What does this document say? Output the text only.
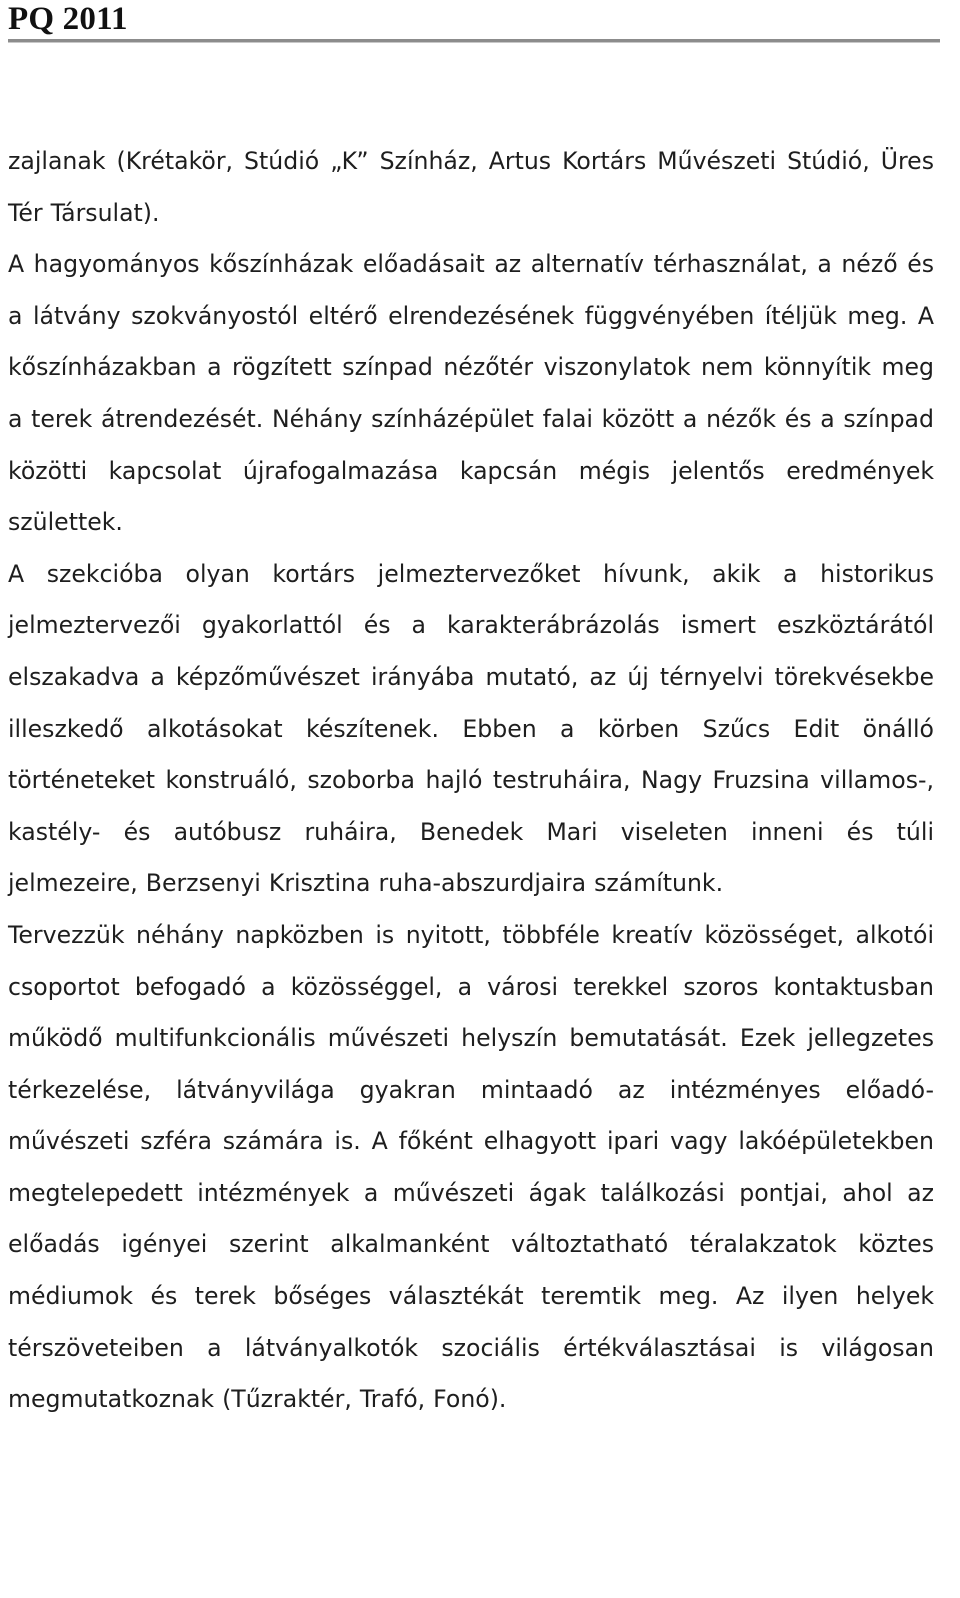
PQ 2011

zajlanak (Krétakör, Stúdió „K” Színház, Artus Kortárs Művészeti Stúdió, Üres Tér Társulat).

A hagyományos kőszínházak előadásait az alternatív térhasználat, a néző és a látvány szokványostól eltérő elrendezésének függvényében ítéljük meg. A kőszínházakban a rögzített színpad nézőtér viszonylatok nem könnyítik meg a terek átrendezését. Néhány színházépület falai között a nézők és a színpad közötti kapcsolat újrafogalmazása kapcsán mégis jelentős eredmények születtek.

A szekcióba olyan kortárs jelmeztervezőket hívunk, akik a historikus jelmeztervezői gyakorlattól és a karakterábrázolás ismert eszköztárától elszakadva a képzőművészet irányába mutató, az új térnyelvi törekvésekbe illeszkedő alkotásokat készítenek. Ebben a körben Szűcs Edit önálló történeteket konstruáló, szoborba hajló testruháira, Nagy Fruzsina villamos-, kastély- és autóbusz ruháira, Benedek Mari viseleten inneni és túli jelmezeire, Berzsenyi Krisztina ruha-abszurdjaira számítunk.

Tervezzük néhány napközben is nyitott, többféle kreatív közösséget, alkotói csoportot befogadó a közösséggel, a városi terekkel szoros kontaktusban működő multifunkcionális művészeti helyszín bemutatását. Ezek jellegzetes térkezelése, látványvilága gyakran mintaadó az intézményes előadó-művészeti szféra számára is. A főként elhagyott ipari vagy lakóépületekben megtelepedett intézmények a művészeti ágak találkozási pontjai, ahol az előadás igényei szerint alkalmanként változtatható téralakzatok köztes médiumok és terek bőséges választékát teremtik meg. Az ilyen helyek térszöveteiben a látványalkotók szociális értékválasztásai is világosan megmutatkoznak (Tűzraktér, Trafó, Fonó).
